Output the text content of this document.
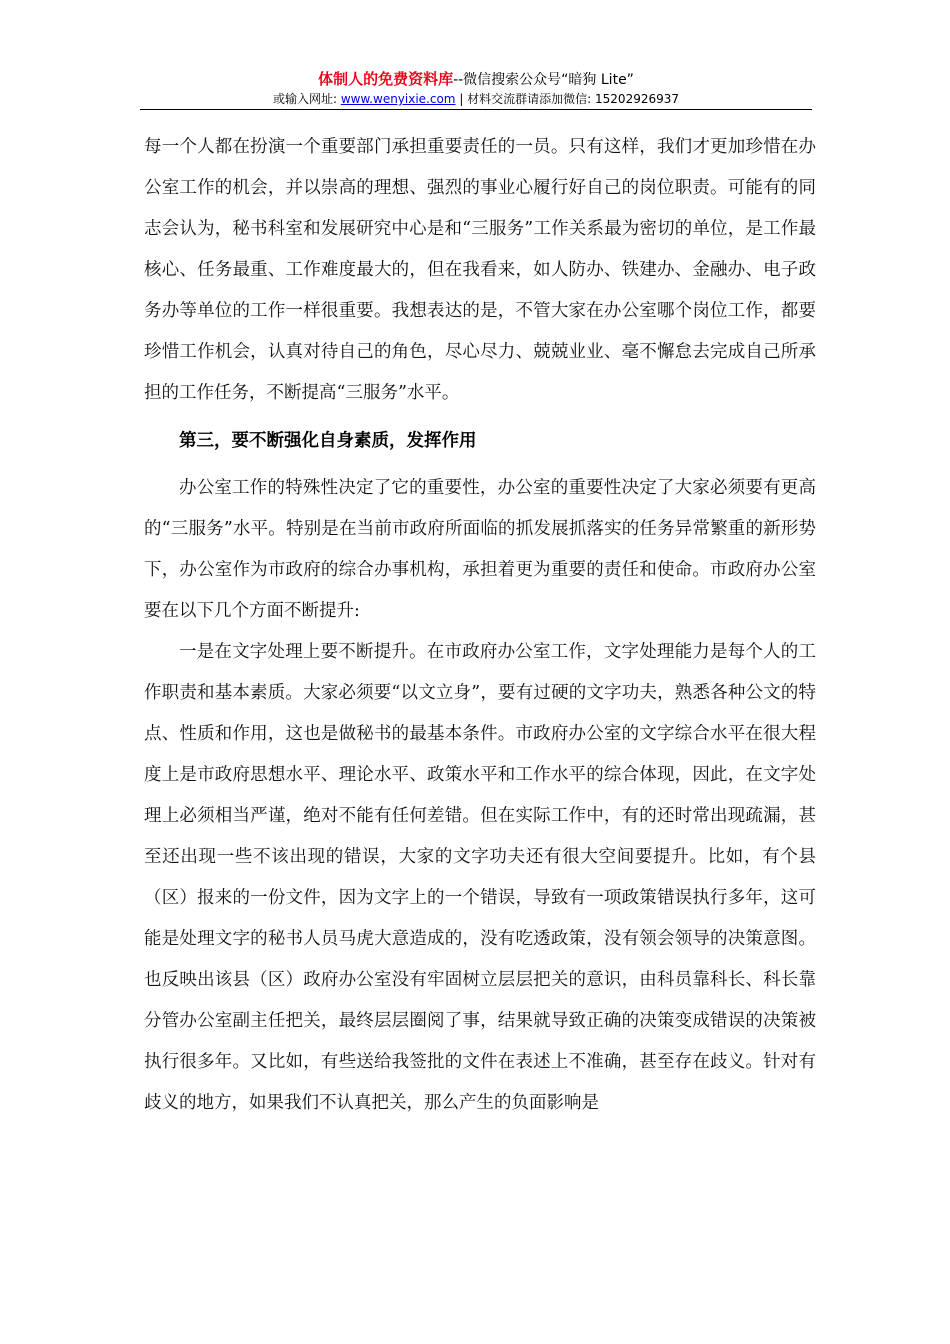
体制人的免费资料库--微信搜索公众号“暗狗 Lite”
或输入网址: www.wenyixie.com | 材料交流群请添加微信: 15202926937

每一个人都在扮演一个重要部门承担重要责任的一员。只有这样，我们才更加珍惜在办公室工作的机会，并以崇高的理想、强烈的事业心履行好自己的岗位职责。可能有的同志会认为，秘书科室和发展研究中心是和“三服务”工作关系最为密切的单位，是工作最核心、任务最重、工作难度最大的，但在我看来，如人防办、铁建办、金融办、电子政务办等单位的工作一样很重要。我想表达的是，不管大家在办公室哪个岗位工作，都要珍惜工作机会，认真对待自己的角色，尽心尽力、兢兢业业、毫不懈怠去完成自己所承担的工作任务，不断提高“三服务”水平。

第三，要不断强化自身素质，发挥作用

办公室工作的特殊性决定了它的重要性，办公室的重要性决定了大家必须要有更高的“三服务”水平。特别是在当前市政府所面临的抓发展抓落实的任务异常繁重的新形势下，办公室作为市政府的综合办事机构，承担着更为重要的责任和使命。市政府办公室要在以下几个方面不断提升:

一是在文字处理上要不断提升。在市政府办公室工作，文字处理能力是每个人的工作职责和基本素质。大家必须要“以文立身”，要有过硬的文字功夫，熟悉各种公文的特点、性质和作用，这也是做秘书的最基本条件。市政府办公室的文字综合水平在很大程度上是市政府思想水平、理论水平、政策水平和工作水平的综合体现，因此，在文字处理上必须相当严谨，绝对不能有任何差错。但在实际工作中，有的还时常出现疏漏，甚至还出现一些不该出现的错误，大家的文字功夫还有很大空间要提升。比如，有个县（区）报来的一份文件，因为文字上的一个错误，导致有一项政策错误执行多年，这可能是处理文字的秘书人员马虎大意造成的，没有吃透政策，没有领会领导的决策意图。也反映出该县（区）政府办公室没有牢固树立层层把关的意识，由科员靠科长、科长靠分管办公室副主任把关，最终层层圈阅了事，结果就导致正确的决策变成错误的决策被执行很多年。又比如，有些送给我签批的文件在表述上不准确，甚至存在歧义。针对有歧义的地方，如果我们不认真把关，那么产生的负面影响是
